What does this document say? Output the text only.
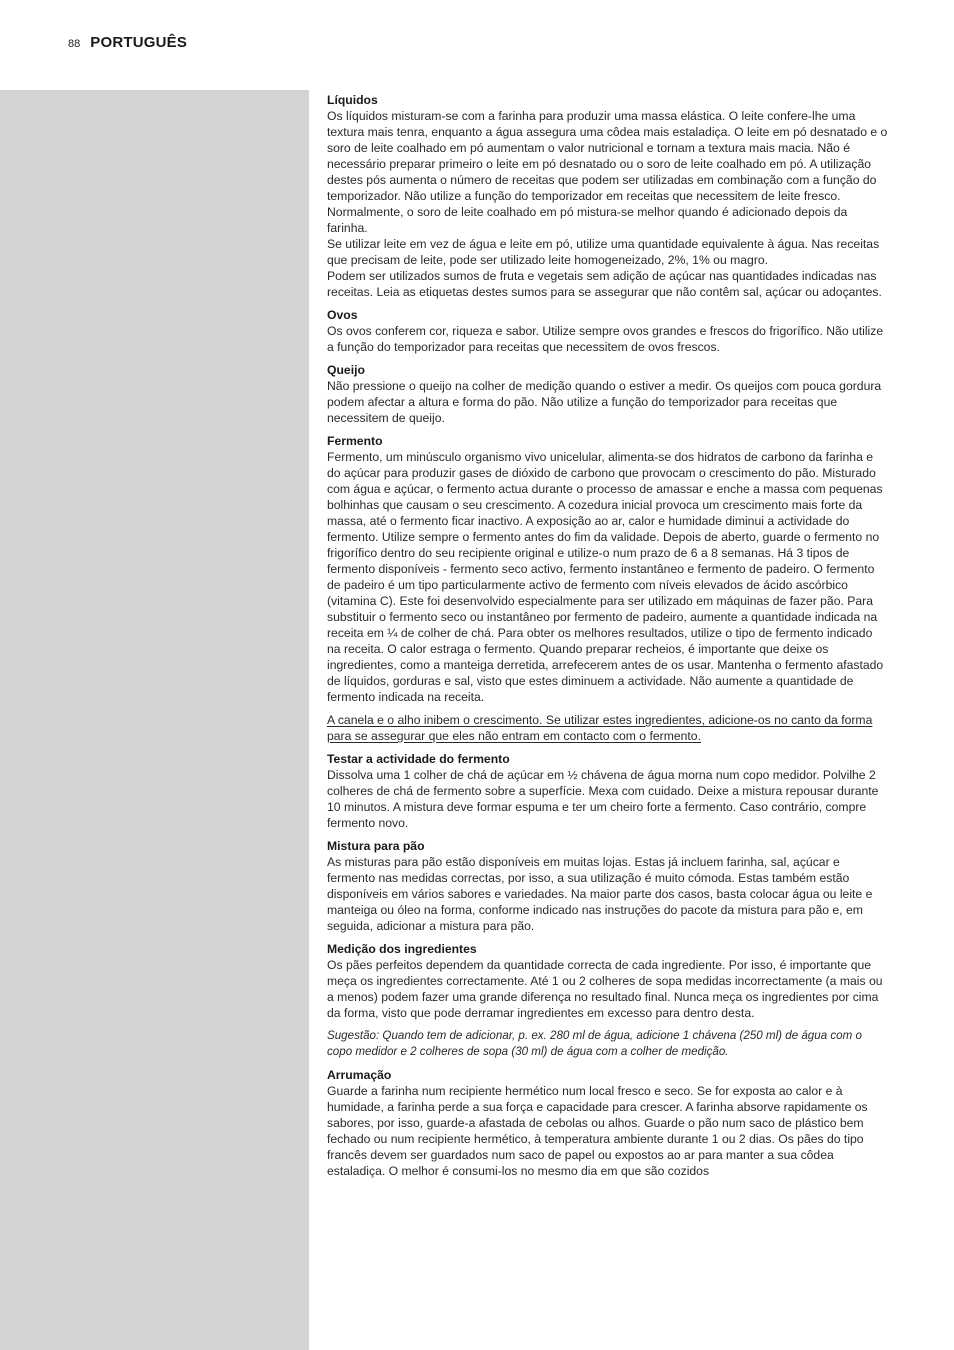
88 PORTUGUÊS
Líquidos

Os líquidos misturam-se com a farinha para produzir uma massa elástica. O leite confere-lhe uma textura mais tenra, enquanto a água assegura uma côdea mais estaladiça. O leite em pó desnatado e o soro de leite coalhado em pó aumentam o valor nutricional e tornam a textura mais macia. Não é necessário preparar primeiro o leite em pó desnatado ou o soro de leite coalhado em pó. A utilização destes pós aumenta o número de receitas que podem ser utilizadas em combinação com a função do temporizador. Não utilize a função do temporizador em receitas que necessitem de leite fresco. Normalmente, o soro de leite coalhado em pó mistura-se melhor quando é adicionado depois da farinha.

Se utilizar leite em vez de água e leite em pó, utilize uma quantidade equivalente à água. Nas receitas que precisam de leite, pode ser utilizado leite homogeneizado, 2%, 1% ou magro.

Podem ser utilizados sumos de fruta e vegetais sem adição de açúcar nas quantidades indicadas nas receitas. Leia as etiquetas destes sumos para se assegurar que não contêm sal, açúcar ou adoçantes.

Ovos

Os ovos conferem cor, riqueza e sabor. Utilize sempre ovos grandes e frescos do frigorífico. Não utilize a função do temporizador para receitas que necessitem de ovos frescos.

Queijo

Não pressione o queijo na colher de medição quando o estiver a medir. Os queijos com pouca gordura podem afectar a altura e forma do pão. Não utilize a função do temporizador para receitas que necessitem de queijo.

Fermento

Fermento, um minúsculo organismo vivo unicelular, alimenta-se dos hidratos de carbono da farinha e do açúcar para produzir gases de dióxido de carbono que provocam o crescimento do pão. Misturado com água e açúcar, o fermento actua durante o processo de amassar e enche a massa com pequenas bolhinhas que causam o seu crescimento. A cozedura inicial provoca um crescimento mais forte da massa, até o fermento ficar inactivo. A exposição ao ar, calor e humidade diminui a actividade do fermento. Utilize sempre o fermento antes do fim da validade. Depois de aberto, guarde o fermento no frigorífico dentro do seu recipiente original e utilize-o num prazo de 6 a 8 semanas. Há 3 tipos de fermento disponíveis - fermento seco activo, fermento instantâneo e fermento de padeiro. O fermento de padeiro é um tipo particularmente activo de fermento com níveis elevados de ácido ascórbico (vitamina C). Este foi desenvolvido especialmente para ser utilizado em máquinas de fazer pão. Para substituir o fermento seco ou instantâneo por fermento de padeiro, aumente a quantidade indicada na receita em ¼ de colher de chá. Para obter os melhores resultados, utilize o tipo de fermento indicado na receita. O calor estraga o fermento. Quando preparar recheios, é importante que deixe os ingredientes, como a manteiga derretida, arrefecerem antes de os usar. Mantenha o fermento afastado de líquidos, gorduras e sal, visto que estes diminuem a actividade. Não aumente a quantidade de fermento indicada na receita.

A canela e o alho inibem o crescimento. Se utilizar estes ingredientes, adicione-os no canto da forma para se assegurar que eles não entram em contacto com o fermento.

Testar a actividade do fermento

Dissolva uma 1 colher de chá de açúcar em ½ chávena de água morna num copo medidor. Polvilhe 2 colheres de chá de fermento sobre a superfície. Mexa com cuidado. Deixe a mistura repousar durante 10 minutos. A mistura deve formar espuma e ter um cheiro forte a fermento. Caso contrário, compre fermento novo.

Mistura para pão

As misturas para pão estão disponíveis em muitas lojas. Estas já incluem farinha, sal, açúcar e fermento nas medidas correctas, por isso, a sua utilização é muito cómoda. Estas também estão disponíveis em vários sabores e variedades. Na maior parte dos casos, basta colocar água ou leite e manteiga ou óleo na forma, conforme indicado nas instruções do pacote da mistura para pão e, em seguida, adicionar a mistura para pão.

Medição dos ingredientes

Os pães perfeitos dependem da quantidade correcta de cada ingrediente. Por isso, é importante que meça os ingredientes correctamente. Até 1 ou 2 colheres de sopa medidas incorrectamente (a mais ou a menos) podem fazer uma grande diferença no resultado final. Nunca meça os ingredientes por cima da forma, visto que pode derramar ingredientes em excesso para dentro desta.

Sugestão: Quando tem de adicionar, p. ex. 280 ml de água, adicione 1 chávena (250 ml) de água com o copo medidor e 2 colheres de sopa (30 ml) de água com a colher de medição.

Arrumação

Guarde a farinha num recipiente hermético num local fresco e seco. Se for exposta ao calor e à humidade, a farinha perde a sua força e capacidade para crescer. A farinha absorve rapidamente os sabores, por isso, guarde-a afastada de cebolas ou alhos. Guarde o pão num saco de plástico bem fechado ou num recipiente hermético, à temperatura ambiente durante 1 ou 2 dias. Os pães do tipo francês devem ser guardados num saco de papel ou expostos ao ar para manter a sua côdea estaladiça. O melhor é consumi-los no mesmo dia em que são cozidos
